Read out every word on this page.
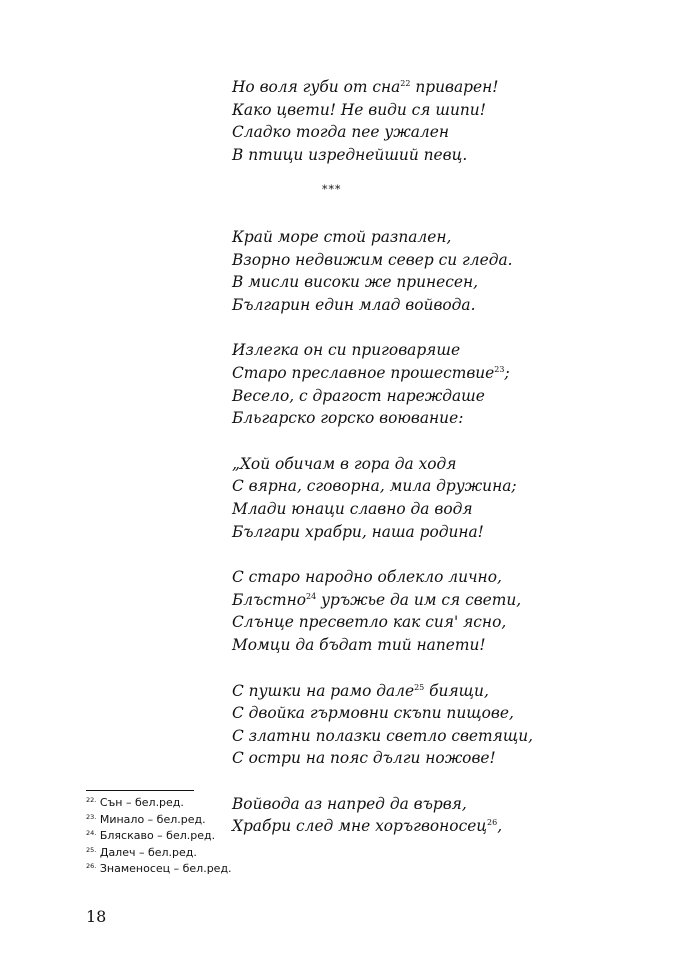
Но воля губи от сна$^{22}$ приварен!
Како цвети! Не види ся шипи!
Сладко тогда пее ужален
В птици изреднейший певц.
***
Край море стой разпален,
Взорно недвижим север си гледа.
В мисли високи же принесен,
Българин един млад войвода.
Излегка он си приговаряше
Старо преславное прошествие$^{23}$;
Весело, с драгост нарeждаше
Бльгарско горско воювание:
„Хой обичам в гора да ходя
С вярна, сговорна, мила дружина;
Млади юнаци славно да водя
Българи храбри, наша родина!
С старо народно облекло лично,
Блъстно$^{24}$ уръжье да им ся свети,
Слънце пресветло как сия' ясно,
Момци да бъдат тий напети!
С пушки на рамо дале$^{25}$ биящи,
С двойка гърмовни скъпи пищове,
С златни полазки светло светящи,
С остри на пояс дълги ножове!
Войвода аз напред да вървя,
Храбри след мне хоръгвоносец$^{26}$,
$^{22.}$ Сън – бел.ред.
$^{23.}$ Минало – бел.ред.
$^{24.}$ Бляскаво – бел.ред.
$^{25.}$ Далеч – бел.ред.
$^{26.}$ Знаменосец – бел.ред.
18
